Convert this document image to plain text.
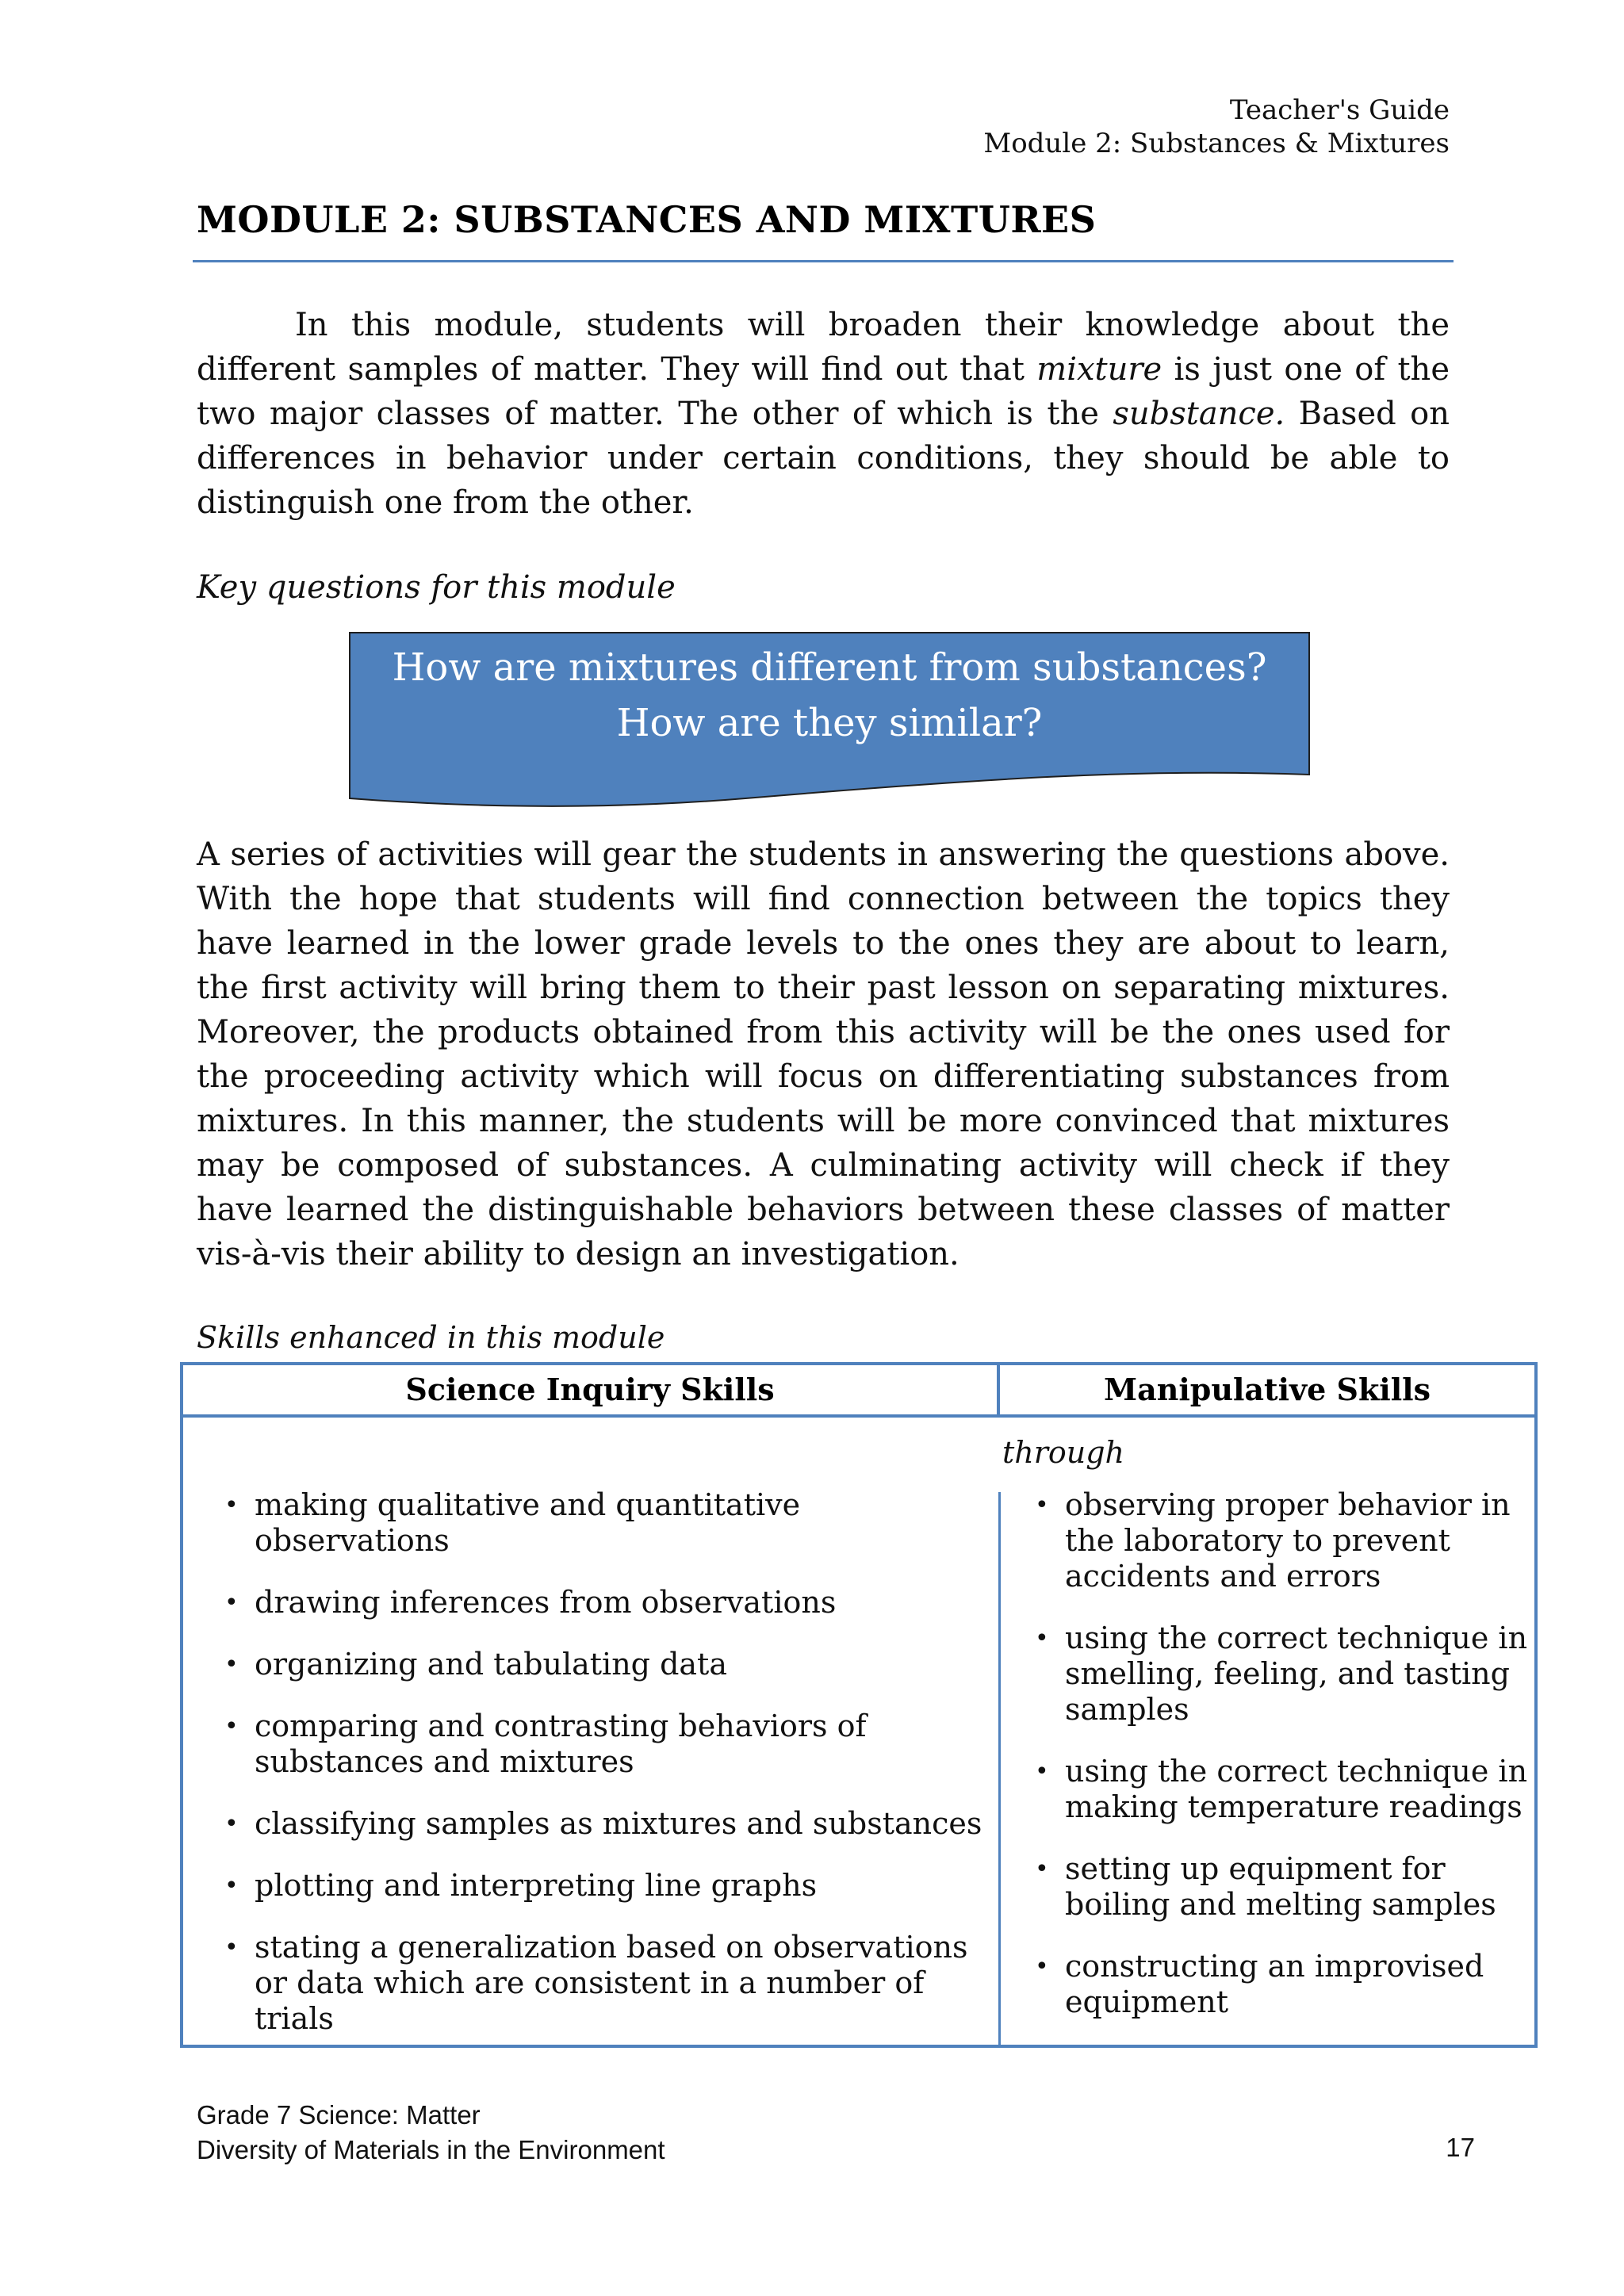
Teacher's Guide
Module 2: Substances & Mixtures
MODULE 2: SUBSTANCES AND MIXTURES

In this module, students will broaden their knowledge about the different samples of matter. They will find out that mixture is just one of the two major classes of matter. The other of which is the substance. Based on differences in behavior under certain conditions, they should be able to distinguish one from the other.

Key questions for this module
How are mixtures different from substances?
How are they similar?

A series of activities will gear the students in answering the questions above. With the hope that students will find connection between the topics they have learned in the lower grade levels to the ones they are about to learn, the first activity will bring them to their past lesson on separating mixtures. Moreover, the products obtained from this activity will be the ones used for the proceeding activity which will focus on differentiating substances from mixtures. In this manner, the students will be more convinced that mixtures may be composed of substances. A culminating activity will check if they have learned the distinguishable behaviors between these classes of matter vis-à-vis their ability to design an investigation.

Skills enhanced in this module
Science Inquiry Skills	Manipulative Skills
through
• making qualitative and quantitative observations
• drawing inferences from observations
• organizing and tabulating data
• comparing and contrasting behaviors of substances and mixtures
• classifying samples as mixtures and substances
• plotting and interpreting line graphs
• stating a generalization based on observations or data which are consistent in a number of trials
• observing proper behavior in the laboratory to prevent accidents and errors
• using the correct technique in smelling, feeling, and tasting samples
• using the correct technique in making temperature readings
• setting up equipment for boiling and melting samples
• constructing an improvised equipment
Grade 7 Science: Matter
Diversity of Materials in the Environment	17
